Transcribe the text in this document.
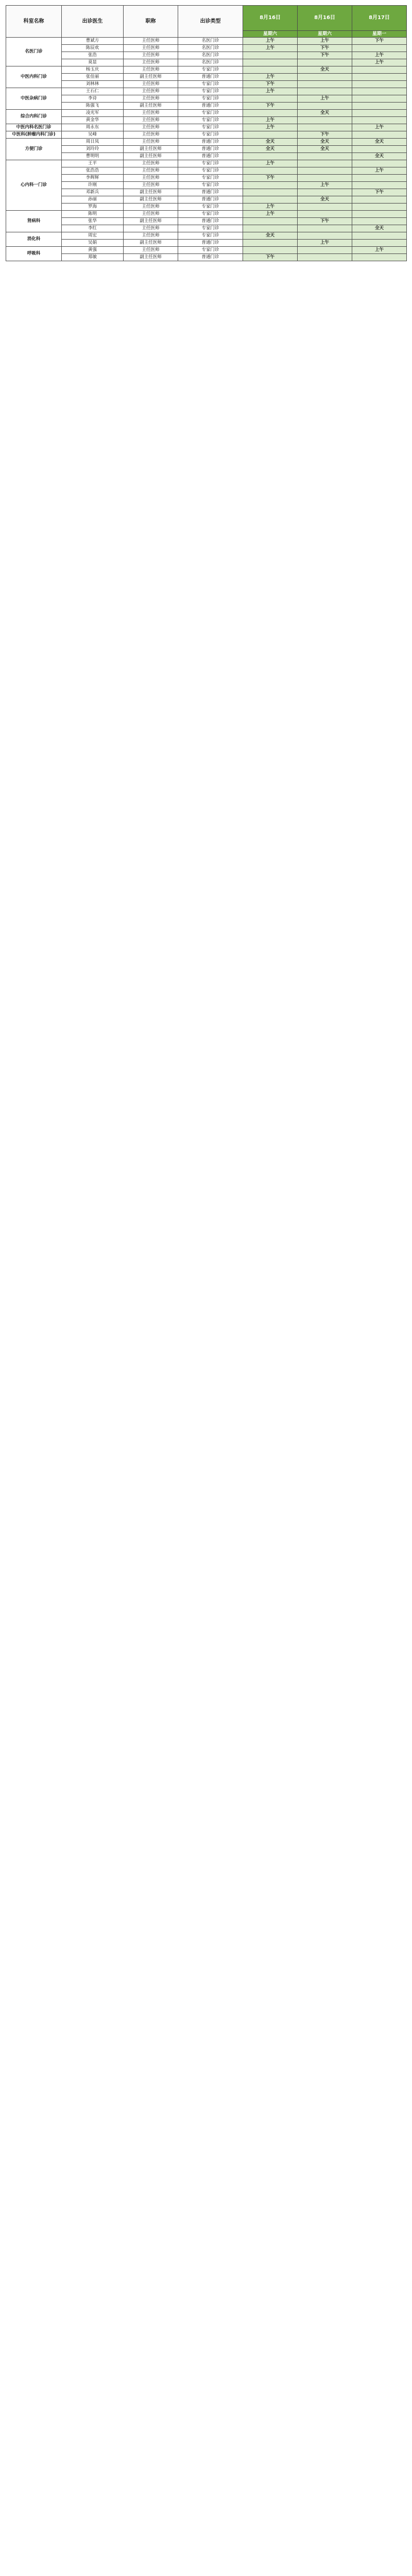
科室名称	出诊医生	职称	出诊类型	8月16日	8月16日	8月17日
				星期六	星期六	星期一
名医门诊	曹斌方	主任医师	名医门诊	上午	上午	下午
	陈辰欢	主任医师	名医门诊	上午	下午	
	张浩	主任医师	名医门诊		下午	上午
	莫显	主任医师	名医门诊			上午
中医内科门诊	杨玉庆	主任医师	专家门诊		全天	
	张佳丽	副主任医师	普通门诊	上午		
	刘林林	主任医师	专家门诊	下午		
中医杂病门诊	王石仁	主任医师	专家门诊	上午		
	李诗	主任医师	专家门诊		上午	
	陈强飞	副主任医师	普通门诊	下午		
综合内科门诊	凌光军	主任医师	专家门诊		全天	
	黄金华	主任医师	专家门诊	上午		
中医内科名医门诊	周永东	主任医师	专家门诊	上午		上午
中医科(肿瘤内科门诊)	吴峰	主任医师	专家门诊		下午	
方便门诊	周日凤	主任医师	普通门诊	全天	全天	全天
	刘玲玲	副主任医师	普通门诊	全天	全天	
	曹明明	副主任医师	普通门诊			全天
心内科一门诊	王平	主任医师	专家门诊	上午		
	张浩浩	主任医师	专家门诊			上午
	李辉辉	主任医师	专家门诊	下午		
	许刚	主任医师	专家门诊		上午	
	邓新兵	副主任医师	普通门诊			下午
	孙丽	副主任医师	普通门诊		全天	
	罗海	主任医师	专家门诊	上午		
肾病科	陈明	主任医师	专家门诊	上午		
	张华	副主任医师	普通门诊		下午	
	李红	主任医师	专家门诊			全天
消化科	周宏	主任医师	专家门诊	全天		
	吴娟	副主任医师	普通门诊		上午	
呼吸科	黄强	主任医师	专家门诊			上午
	郑敏	副主任医师	普通门诊	下午		
